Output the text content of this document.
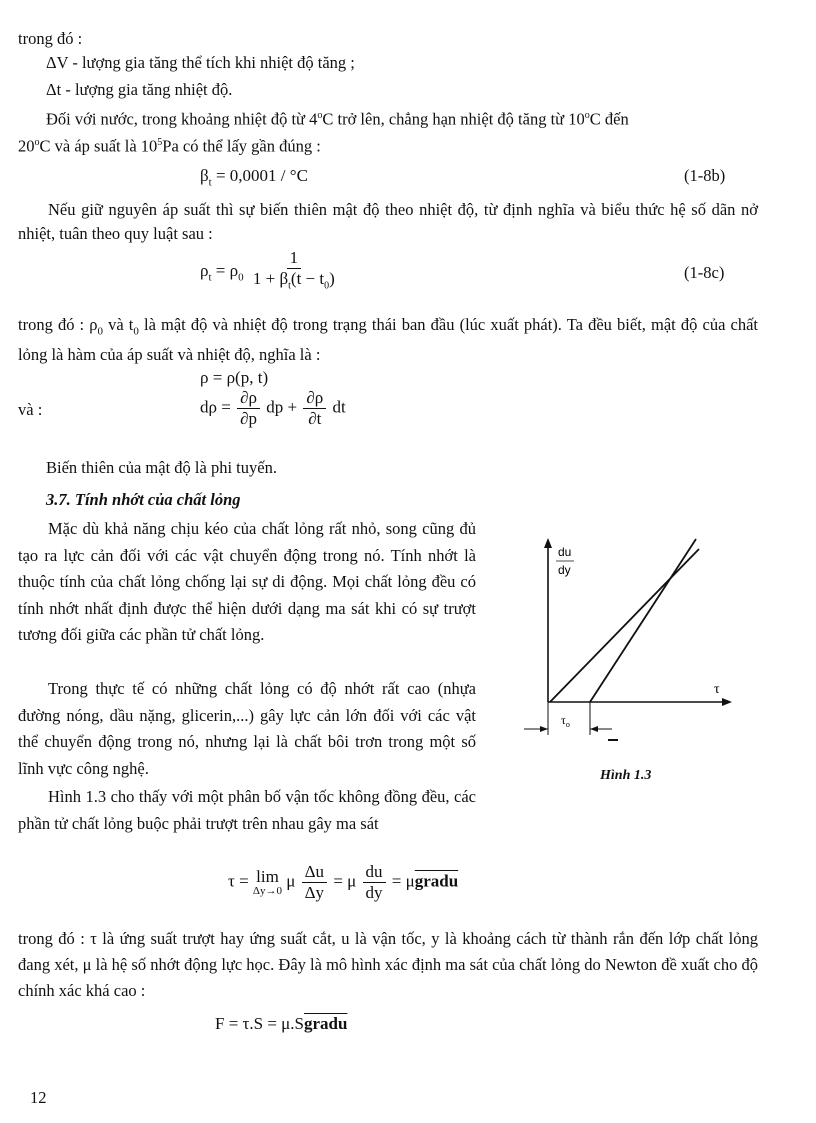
trong đó :
ΔV - lượng gia tăng thể tích khi nhiệt độ tăng ;
Δt - lượng gia tăng nhiệt độ.
Đối với nước, trong khoảng nhiệt độ từ 4$^o$C trở lên, chẳng hạn nhiệt độ tăng từ 10$^o$C đến
20$^o$C và áp suất là $10^5Pa$ có thể lấy gần đúng :
$\beta_t = 0,0001 / ^\circ C$	(1-8b)
Nếu giữ nguyên áp suất thì sự biến thiên mật độ theo nhiệt độ, từ định nghĩa và biểu thức hệ số dãn nở nhiệt, tuân theo quy luật sau :
$\rho_t = \rho_0 \frac{1}{1 + \beta_t(t - t_0)}$	(1-8c)
trong đó : $\rho_0$ và $t_0$ là mật độ và nhiệt độ trong trạng thái ban đầu (lúc xuất phát). Ta đều biết, mật độ của chất lỏng là hàm của áp suất và nhiệt độ, nghĩa là :
ρ = ρ(p, t)
và :	$d\rho = \frac{\partial\rho}{\partial p}$ dp + $\frac{\partial\rho}{\partial t}$ dt
Biến thiên của mật độ là phi tuyến.
3.7. Tính nhớt của chất lỏng
Mặc dù khả năng chịu kéo của chất lỏng rất nhỏ, song cũng đủ tạo ra lực cản đối với các vật chuyển động trong nó. Tính nhớt là thuộc tính của chất lỏng chống lại sự di động. Mọi chất lỏng đều có tính nhớt nhất định được thể hiện dưới dạng ma sát khi có sự trượt tương đối giữa các phần tử chất lỏng.
Trong thực tế có những chất lỏng có độ nhớt rất cao (nhựa đường nóng, dầu nặng, glicerin,...) gây lực cản lớn đối với các vật thể chuyển động trong nó, nhưng lại là chất bôi trơn trong một số lĩnh vực công nghệ.
Hình 1.3 cho thấy với một phân bố vận tốc không đồng đều, các phần tử chất lỏng buộc phải trượt trên nhau gây ma sát
du
dy
τ
$\tau_o$
Hình 1.3
τ = lim
Δy→0
μ $\frac{\Delta u}{\Delta y} = \mu \frac{du}{dy}$ = μgradu
trong đó : τ là ứng suất trượt hay ứng suất cắt, u là vận tốc, y là khoảng cách từ thành rắn đến lớp chất lỏng đang xét, μ là hệ số nhớt động lực học. Đây là mô hình xác định ma sát của chất lỏng do Newton đề xuất cho độ chính xác khá cao :
F = τ.S = μ.Sgradu
12
